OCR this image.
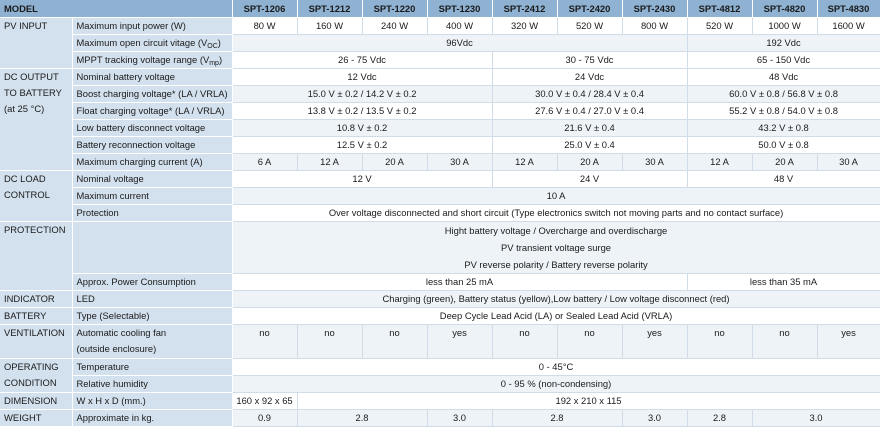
MODEL		SPT-1206	SPT-1212	SPT-1220	SPT-1230	SPT-2412	SPT-2420	SPT-2430	SPT-4812	SPT-4820	SPT-4830
PV INPUT	Maximum input power (W)	80 W	160 W	240 W	400 W	320 W	520 W	800 W	520 W	1000 W	1600 W
	Maximum open circuit vitage $(V_{OC})$	96Vdc							192 Vdc		
	MPPT tracking voltage range $(V_{mp})$	26 - 75 Vdc				30 - 75 Vdc			65 - 150 Vdc		

DC OUTPUT
TO BATTERY
(at 25 °C)	Nominal battery voltage	12 Vdc				24 Vdc			48 Vdc		
	Boost charging voltage* (LA / VRLA)	15.0 V ± 0.2 / 14.2 V ± 0.2				30.0 V ± 0.4 / 28.4 V ± 0.4			60.0 V ± 0.8 / 56.8 V ± 0.8		
	Float charging voltage* (LA / VRLA)	13.8 V ± 0.2 / 13.5 V ± 0.2				27.6 V ± 0.4 / 27.0 V ± 0.4			55.2 V ± 0.8 / 54.0 V ± 0.8		
	Low battery disconnect voltage	10.8 V ± 0.2				21.6 V ± 0.4			43.2 V ± 0.8		
	Battery reconnection voltage	12.5 V ± 0.2				25.0 V ± 0.4			50.0 V ± 0.8		
	Maximum charging current (A)	6 A	12 A	20 A	30 A	12 A	20 A	30 A	12 A	20 A	30 A

DC LOAD
CONTROL	Nominal voltage	12 V				24 V			48 V		
	Maximum current	10 A									
	Protection	Over voltage disconnected and short circuit (Type electronics switch not moving parts and no contact surface)									
PROTECTION		Hight battery voltage / Overcharge and overdischarge
PV transient voltage surge
PV reverse polarity / Battery reverse polarity									

	Approx. Power Consumption	less than 25 mA							less than 35 mA		
INDICATOR	LED	Charging (green), Battery status (yellow),Low battery / Low voltage disconnect (red)									
BATTERY	Type (Selectable)	Deep Cycle Lead Acid (LA) or Sealed Lead Acid (VRLA)									
VENTILATION	Automatic cooling fan
(outside enclosure)	no	no	no	yes	no	no	yes	no	no	yes

OPERATING
CONDITION	Temperature	0 - 45°C									
	Relative humidity	0 - 95 % (non-condensing)									
DIMENSION	W x H x D (mm.)	160 x 92 x 65	192 x 210 x 115								
WEIGHT	Approximate in kg.	0.9	2.8		3.0	2.8		3.0	2.8	3.0	
